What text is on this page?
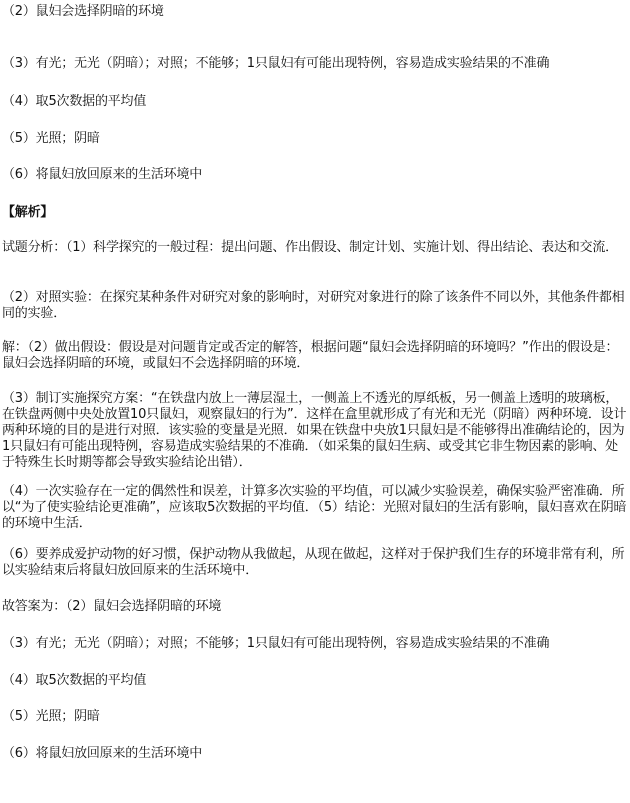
（2）鼠妇会选择阴暗的环境
（3）有光；无光（阴暗）；对照；不能够；1只鼠妇有可能出现特例，容易造成实验结果的不准确
（4）取5次数据的平均值
（5）光照；阴暗
（6）将鼠妇放回原来的生活环境中
【解析】
试题分析：（1）科学探究的一般过程：提出问题、作出假设、制定计划、实施计划、得出结论、表达和交流．
（2）对照实验：在探究某种条件对研究对象的影响时，对研究对象进行的除了该条件不同以外，其他条件都相同的实验．
解：（2）做出假设：假设是对问题肯定或否定的解答，根据问题“鼠妇会选择阴暗的环境吗？”作出的假设是：鼠妇会选择阴暗的环境，或鼠妇不会选择阴暗的环境．
（3）制订实施探究方案：“在铁盘内放上一薄层湿土，一侧盖上不透光的厚纸板，另一侧盖上透明的玻璃板，在铁盘两侧中央处放置10只鼠妇，观察鼠妇的行为”．这样在盒里就形成了有光和无光（阴暗）两种环境．设计两种环境的目的是进行对照．该实验的变量是光照．如果在铁盘中央放1只鼠妇是不能够得出准确结论的，因为1只鼠妇有可能出现特例，容易造成实验结果的不准确．（如采集的鼠妇生病、或受其它非生物因素的影响、处于特殊生长时期等都会导致实验结论出错）．
（4）一次实验存在一定的偶然性和误差，计算多次实验的平均值，可以减少实验误差，确保实验严密准确．所以“为了使实验结论更准确”，应该取5次数据的平均值．（5）结论：光照对鼠妇的生活有影响，鼠妇喜欢在阴暗的环境中生活．
（6）要养成爱护动物的好习惯，保护动物从我做起，从现在做起，这样对于保护我们生存的环境非常有利，所以实验结束后将鼠妇放回原来的生活环境中．
故答案为：（2）鼠妇会选择阴暗的环境
（3）有光；无光（阴暗）；对照；不能够；1只鼠妇有可能出现特例，容易造成实验结果的不准确
（4）取5次数据的平均值
（5）光照；阴暗
（6）将鼠妇放回原来的生活环境中
